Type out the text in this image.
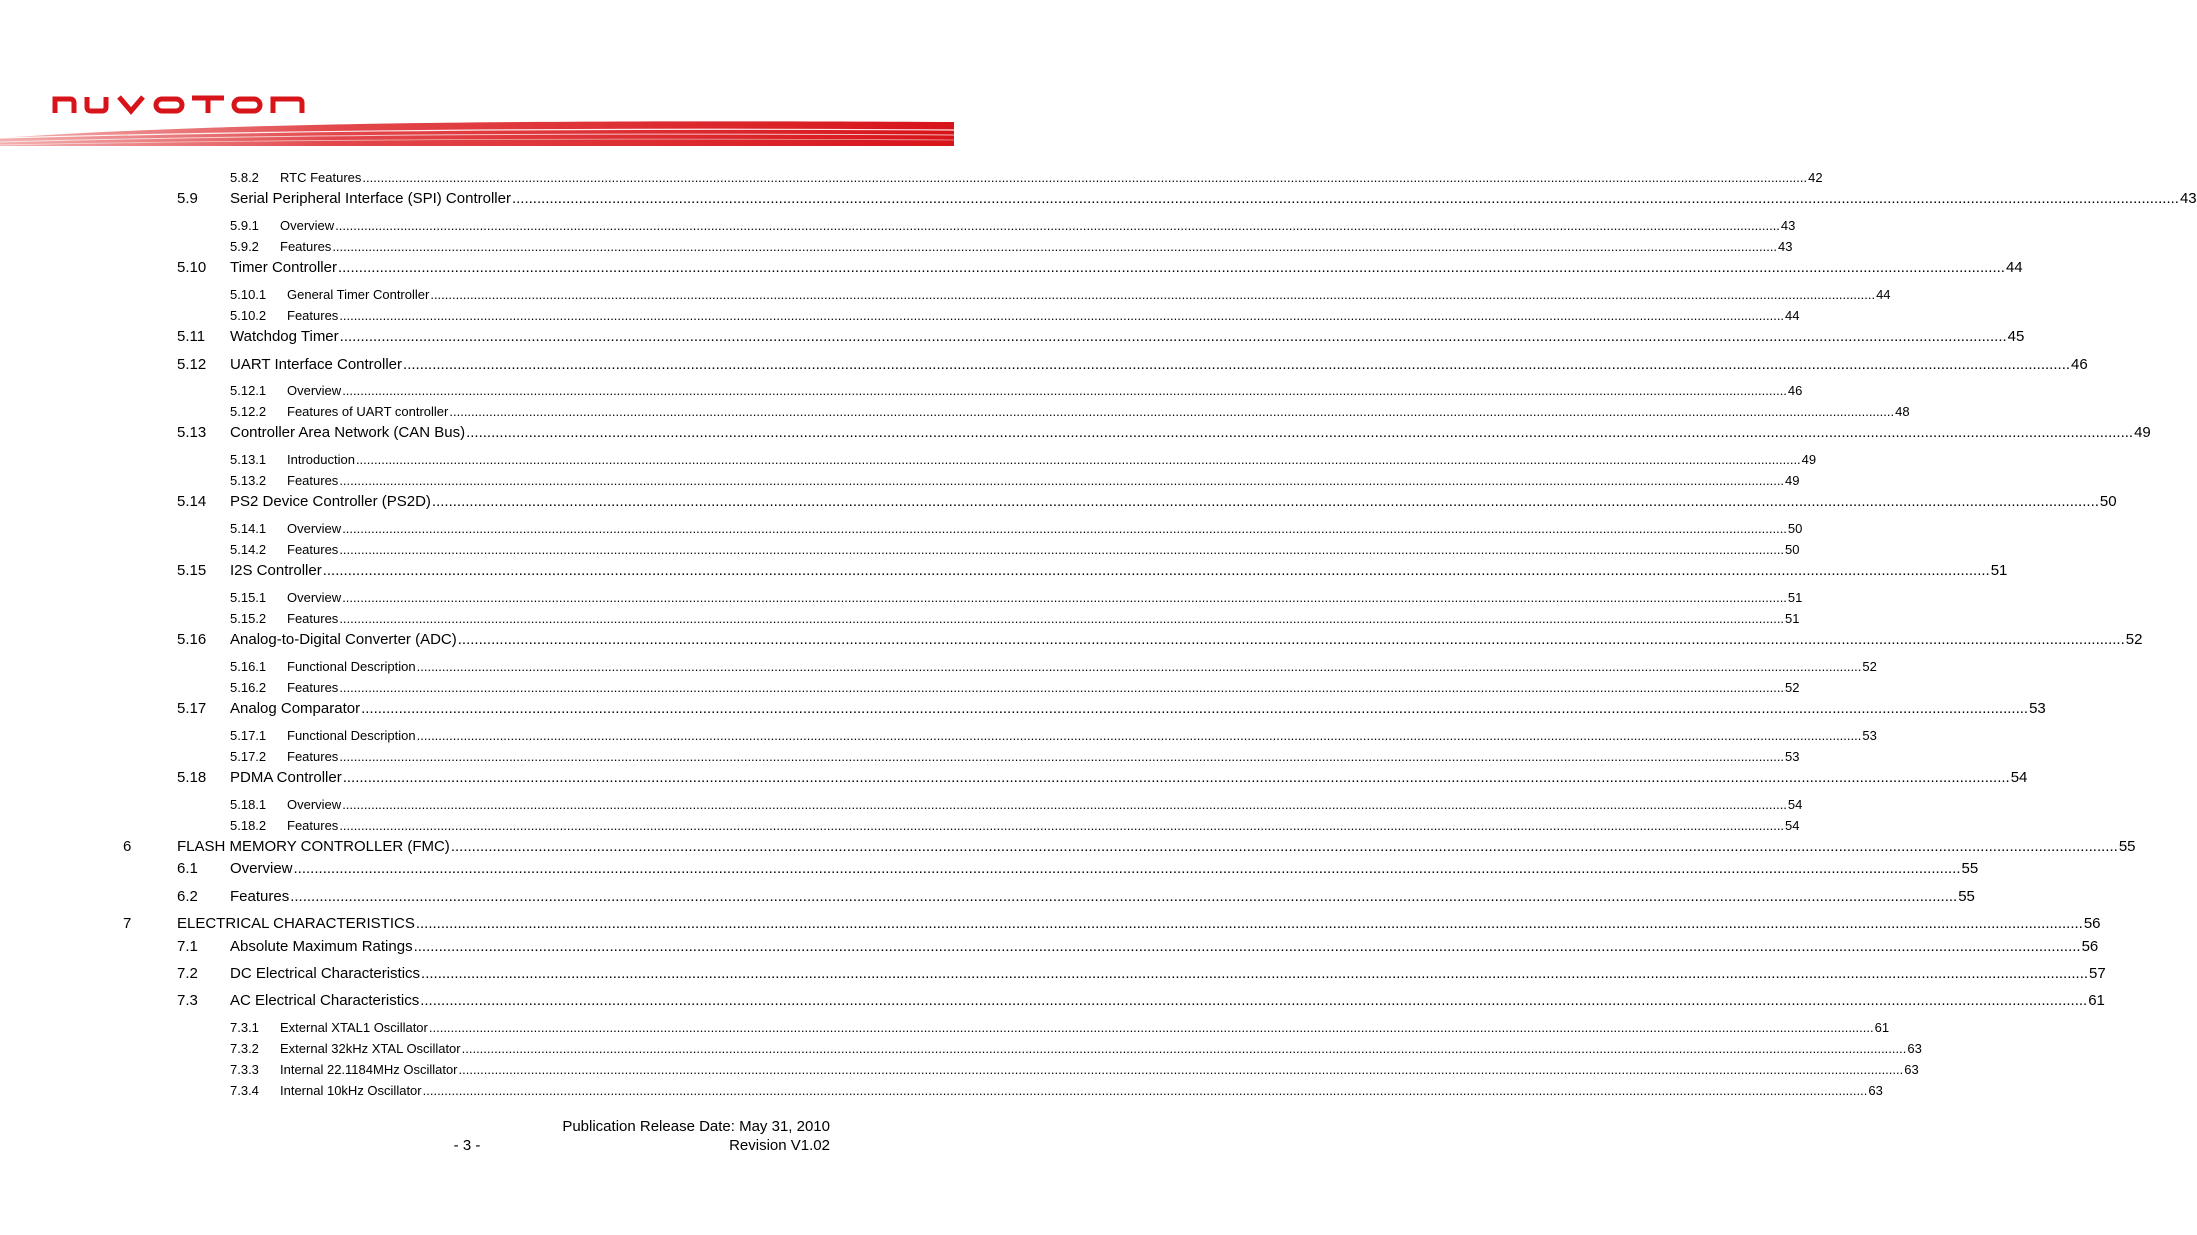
nuvoTon
5.8.2	RTC Features ................................................................................................................................................................................................................................................................................................................................................................................................................ 42
5.9	Serial Peripheral Interface (SPI) Controller ................................................................................................................................................................................................................................................................................................................................................................................................................ 43
5.9.1	Overview ................................................................................................................................................................................................................................................................................................................................................................................................................ 43
5.9.2	Features ................................................................................................................................................................................................................................................................................................................................................................................................................ 43
5.10	Timer Controller ................................................................................................................................................................................................................................................................................................................................................................................................................ 44
5.10.1	General Timer Controller ................................................................................................................................................................................................................................................................................................................................................................................................................ 44
5.10.2	Features ................................................................................................................................................................................................................................................................................................................................................................................................................ 44
5.11	Watchdog Timer ................................................................................................................................................................................................................................................................................................................................................................................................................ 45
5.12	UART Interface Controller ................................................................................................................................................................................................................................................................................................................................................................................................................ 46
5.12.1	Overview ................................................................................................................................................................................................................................................................................................................................................................................................................ 46
5.12.2	Features of UART controller ................................................................................................................................................................................................................................................................................................................................................................................................................ 48
5.13	Controller Area Network (CAN Bus) ................................................................................................................................................................................................................................................................................................................................................................................................................ 49
5.13.1	Introduction ................................................................................................................................................................................................................................................................................................................................................................................................................ 49
5.13.2	Features ................................................................................................................................................................................................................................................................................................................................................................................................................ 49
5.14	PS2 Device Controller (PS2D) ................................................................................................................................................................................................................................................................................................................................................................................................................ 50
5.14.1	Overview ................................................................................................................................................................................................................................................................................................................................................................................................................ 50
5.14.2	Features ................................................................................................................................................................................................................................................................................................................................................................................................................ 50
5.15	I2S Controller ................................................................................................................................................................................................................................................................................................................................................................................................................ 51
5.15.1	Overview ................................................................................................................................................................................................................................................................................................................................................................................................................ 51
5.15.2	Features ................................................................................................................................................................................................................................................................................................................................................................................................................ 51
5.16	Analog-to-Digital Converter (ADC) ................................................................................................................................................................................................................................................................................................................................................................................................................ 52
5.16.1	Functional Description ................................................................................................................................................................................................................................................................................................................................................................................................................ 52
5.16.2	Features ................................................................................................................................................................................................................................................................................................................................................................................................................ 52
5.17	Analog Comparator ................................................................................................................................................................................................................................................................................................................................................................................................................ 53
5.17.1	Functional Description ................................................................................................................................................................................................................................................................................................................................................................................................................ 53
5.17.2	Features ................................................................................................................................................................................................................................................................................................................................................................................................................ 53
5.18	PDMA Controller ................................................................................................................................................................................................................................................................................................................................................................................................................ 54
5.18.1	Overview ................................................................................................................................................................................................................................................................................................................................................................................................................ 54
5.18.2	Features ................................................................................................................................................................................................................................................................................................................................................................................................................ 54
6	FLASH MEMORY CONTROLLER (FMC) ................................................................................................................................................................................................................................................................................................................................................................................................................ 55
6.1	Overview ................................................................................................................................................................................................................................................................................................................................................................................................................ 55
6.2	Features ................................................................................................................................................................................................................................................................................................................................................................................................................ 55
7	ELECTRICAL CHARACTERISTICS ................................................................................................................................................................................................................................................................................................................................................................................................................ 56
7.1	Absolute Maximum Ratings ................................................................................................................................................................................................................................................................................................................................................................................................................ 56
7.2	DC Electrical Characteristics ................................................................................................................................................................................................................................................................................................................................................................................................................ 57
7.3	AC Electrical Characteristics ................................................................................................................................................................................................................................................................................................................................................................................................................ 61
7.3.1	External XTAL1 Oscillator ................................................................................................................................................................................................................................................................................................................................................................................................................ 61
7.3.2	External 32kHz XTAL Oscillator ................................................................................................................................................................................................................................................................................................................................................................................................................ 63
7.3.3	Internal 22.1184MHz Oscillator ................................................................................................................................................................................................................................................................................................................................................................................................................ 63
7.3.4	Internal 10kHz Oscillator ................................................................................................................................................................................................................................................................................................................................................................................................................ 63
Publication Release Date: May 31, 2010
- 3 -	Revision V1.02
